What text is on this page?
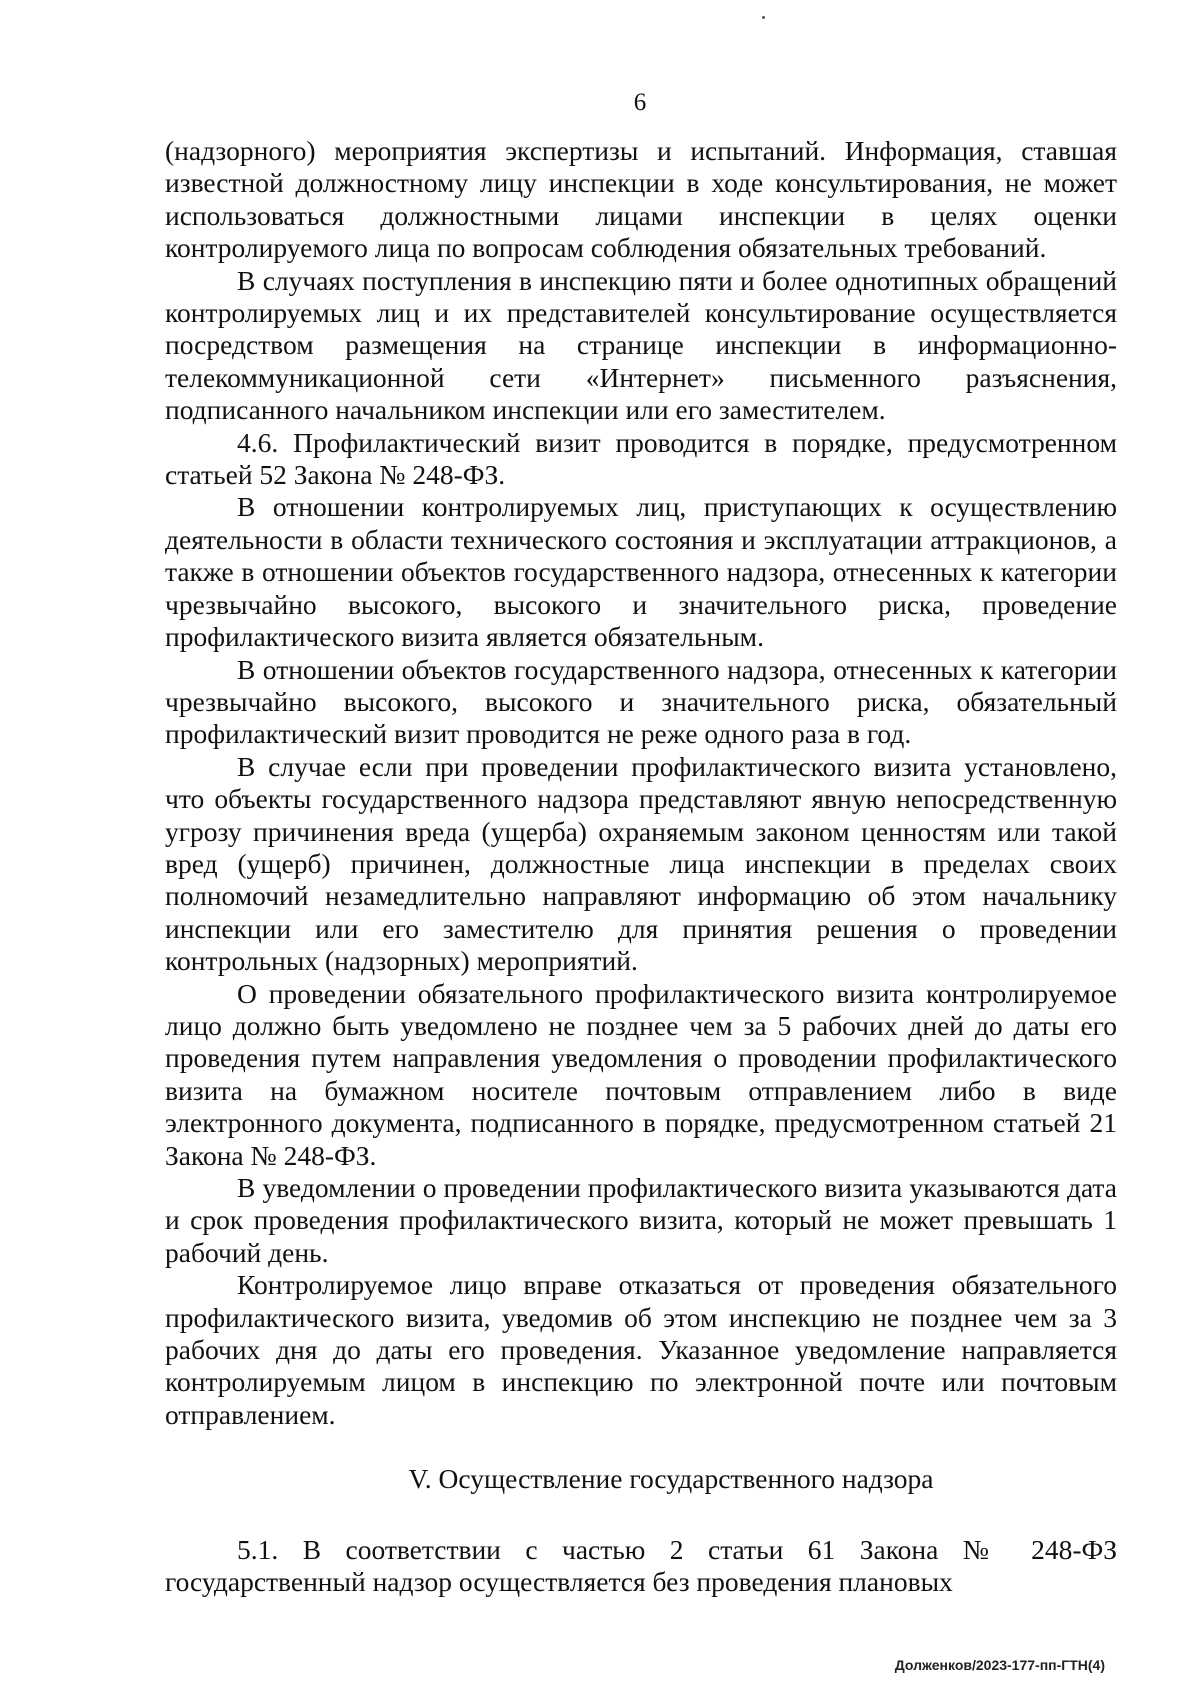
6

(надзорного) мероприятия экспертизы и испытаний. Информация, ставшая известной должностному лицу инспекции в ходе консультирования, не может использоваться должностными лицами инспекции в целях оценки контролируемого лица по вопросам соблюдения обязательных требований.

В случаях поступления в инспекцию пяти и более однотипных обращений контролируемых лиц и их представителей консультирование осуществляется посредством размещения на странице инспекции в информационно-телекоммуникационной сети «Интернет» письменного разъяснения, подписанного начальником инспекции или его заместителем.

4.6. Профилактический визит проводится в порядке, предусмотренном статьей 52 Закона № 248-ФЗ.

В отношении контролируемых лиц, приступающих к осуществлению деятельности в области технического состояния и эксплуатации аттракционов, а также в отношении объектов государственного надзора, отнесенных к категории чрезвычайно высокого, высокого и значительного риска, проведение профилактического визита является обязательным.

В отношении объектов государственного надзора, отнесенных к категории чрезвычайно высокого, высокого и значительного риска, обязательный профилактический визит проводится не реже одного раза в год.

В случае если при проведении профилактического визита установлено, что объекты государственного надзора представляют явную непосредственную угрозу причинения вреда (ущерба) охраняемым законом ценностям или такой вред (ущерб) причинен, должностные лица инспекции в пределах своих полномочий незамедлительно направляют информацию об этом начальнику инспекции или его заместителю для принятия решения о проведении контрольных (надзорных) мероприятий.

О проведении обязательного профилактического визита контролируемое лицо должно быть уведомлено не позднее чем за 5 рабочих дней до даты его проведения путем направления уведомления о проводении профилактического визита на бумажном носителе почтовым отправлением либо в виде электронного документа, подписанного в порядке, предусмотренном статьей 21 Закона № 248-ФЗ.

В уведомлении о проведении профилактического визита указываются дата и срок проведения профилактического визита, который не может превышать 1 рабочий день.

Контролируемое лицо вправе отказаться от проведения обязательного профилактического визита, уведомив об этом инспекцию не позднее чем за 3 рабочих дня до даты его проведения. Указанное уведомление направляется контролируемым лицом в инспекцию по электронной почте или почтовым отправлением.

V. Осуществление государственного надзора

5.1. В соответствии с частью 2 статьи 61 Закона № 248-ФЗ государственный надзор осуществляется без проведения плановых

Долженков/2023-177-пп-ГТН(4)
